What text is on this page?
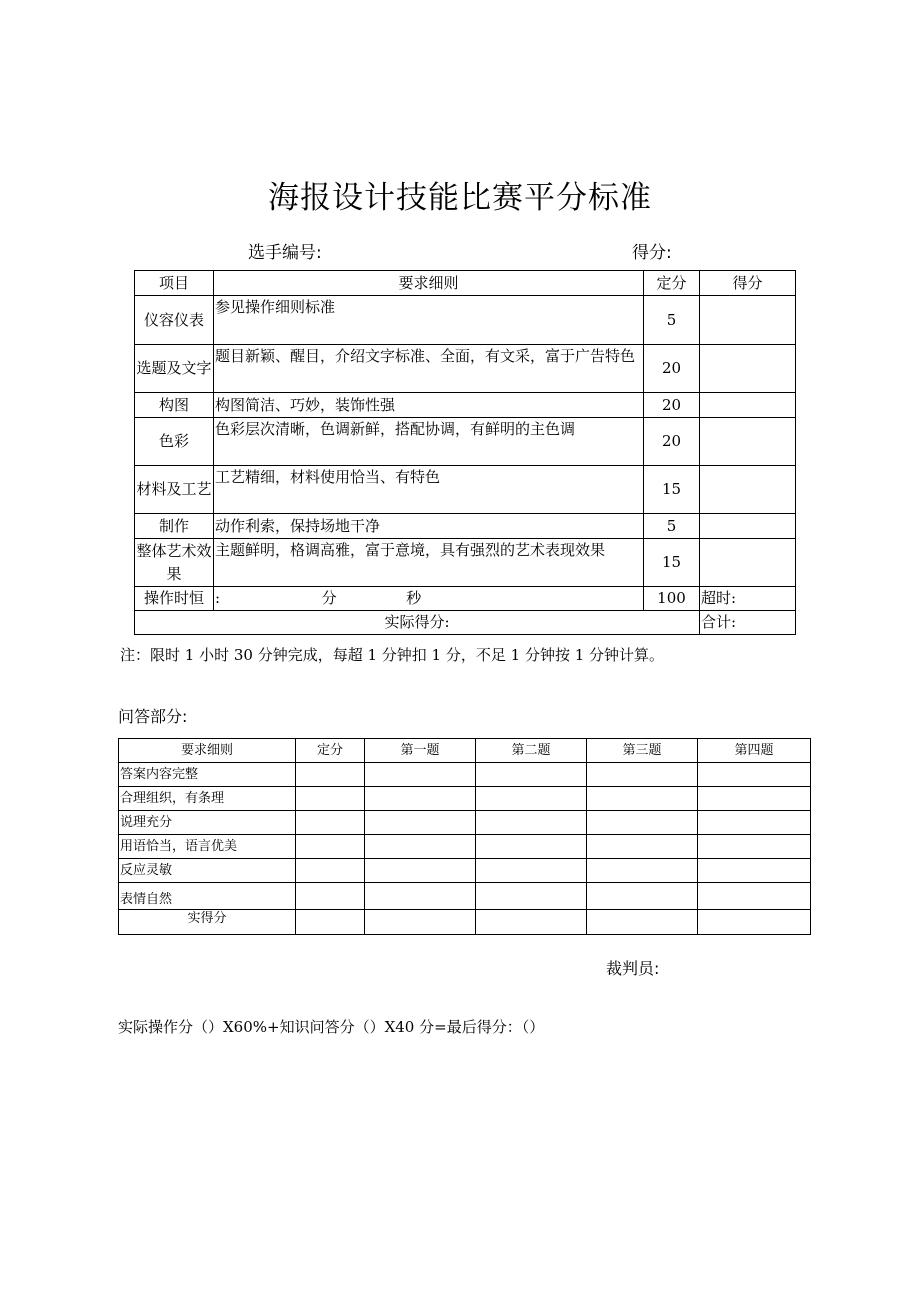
海报设计技能比赛平分标准
选手编号:	得分:
项目	要求细则	定分	得分
仪容仪表	参见操作细则标准	5	
选题及文字	题目新颖、醒目，介绍文字标准、全面，有文采，富于广告特色	20	
构图	构图简洁、巧妙，装饰性强	20	
色彩	色彩层次清晰，色调新鲜，搭配协调，有鲜明的主色调	20	
材料及工艺	工艺精细，材料使用恰当、有特色	15	
制作	动作利索，保持场地干净	5	
整体艺术效果	主题鲜明，格调高雅，富于意境，具有强烈的艺术表现效果	15	
操作时恒	: 分 秒	100	超时:
实际得分:			合计:
注：限时 1 小时 30 分钟完成，每超 1 分钟扣 1 分，不足 1 分钟按 1 分钟计算。
问答部分:
要求细则	定分	第一题	第二题	第三题	第四题
答案内容完整					
合理组织，有条理					
说理充分					
用语恰当，语言优美					
反应灵敏					
表情自然					
实得分					
裁判员:
实际操作分（）X60%+知识问答分（）X40 分=最后得分：（）
